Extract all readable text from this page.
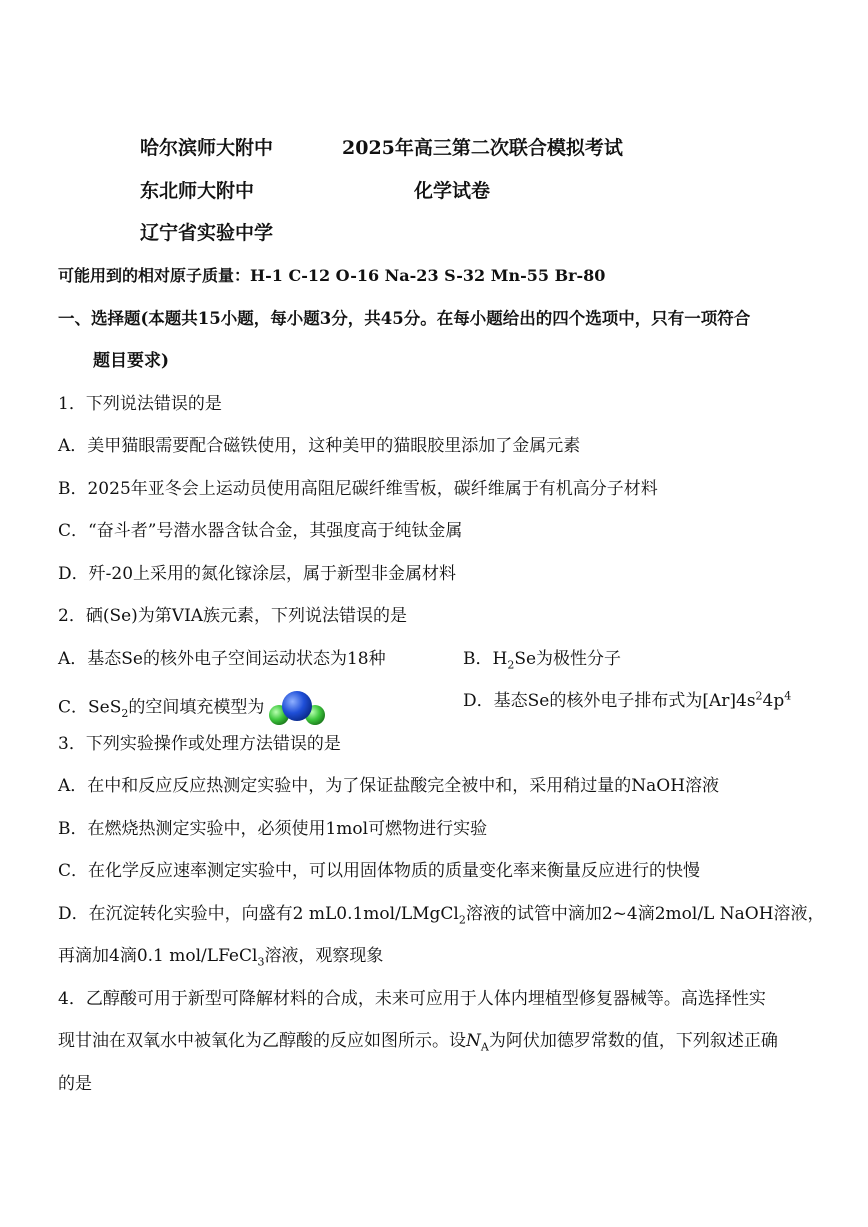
哈尔滨师大附中	2025年高三第二次联合模拟考试
东北师大附中	化学试卷
辽宁省实验中学
可能用到的相对原子质量：H-1 C-12 O-16 Na-23 S-32 Mn-55 Br-80
一、选择题(本题共15小题，每小题3分，共45分。在每小题给出的四个选项中，只有一项符合
题目要求)
1．下列说法错误的是
A．美甲猫眼需要配合磁铁使用，这种美甲的猫眼胶里添加了金属元素
B．2025年亚冬会上运动员使用高阻尼碳纤维雪板，碳纤维属于有机高分子材料
C．“奋斗者”号潜水器含钛合金，其强度高于纯钛金属
D．歼-20上采用的氮化镓涂层，属于新型非金属材料
2．硒(Se)为第VIA族元素，下列说法错误的是
A．基态Se的核外电子空间运动状态为18种	B．$H_2Se$为极性分子
C．SeS$_2$的空间填充模型为	D．基态Se的核外电子排布式为$[Ar]4s^24p^4$
3．下列实验操作或处理方法错误的是
A．在中和反应反应热测定实验中，为了保证盐酸完全被中和，采用稍过量的NaOH溶液
B．在燃烧热测定实验中，必须使用1mol可燃物进行实验
C．在化学反应速率测定实验中，可以用固体物质的质量变化率来衡量反应进行的快慢
D．在沉淀转化实验中，向盛有2 mL0.1mol/LMgCl$_2$溶液的试管中滴加2~4滴2mol/L NaOH溶液，
再滴加4滴0.1 mol/LFeCl$_3$溶液，观察现象
4．乙醇酸可用于新型可降解材料的合成，未来可应用于人体内埋植型修复器械等。高选择性实
现甘油在双氧水中被氧化为乙醇酸的反应如图所示。设$N_A$为阿伏加德罗常数的值，下列叙述正确
的是
